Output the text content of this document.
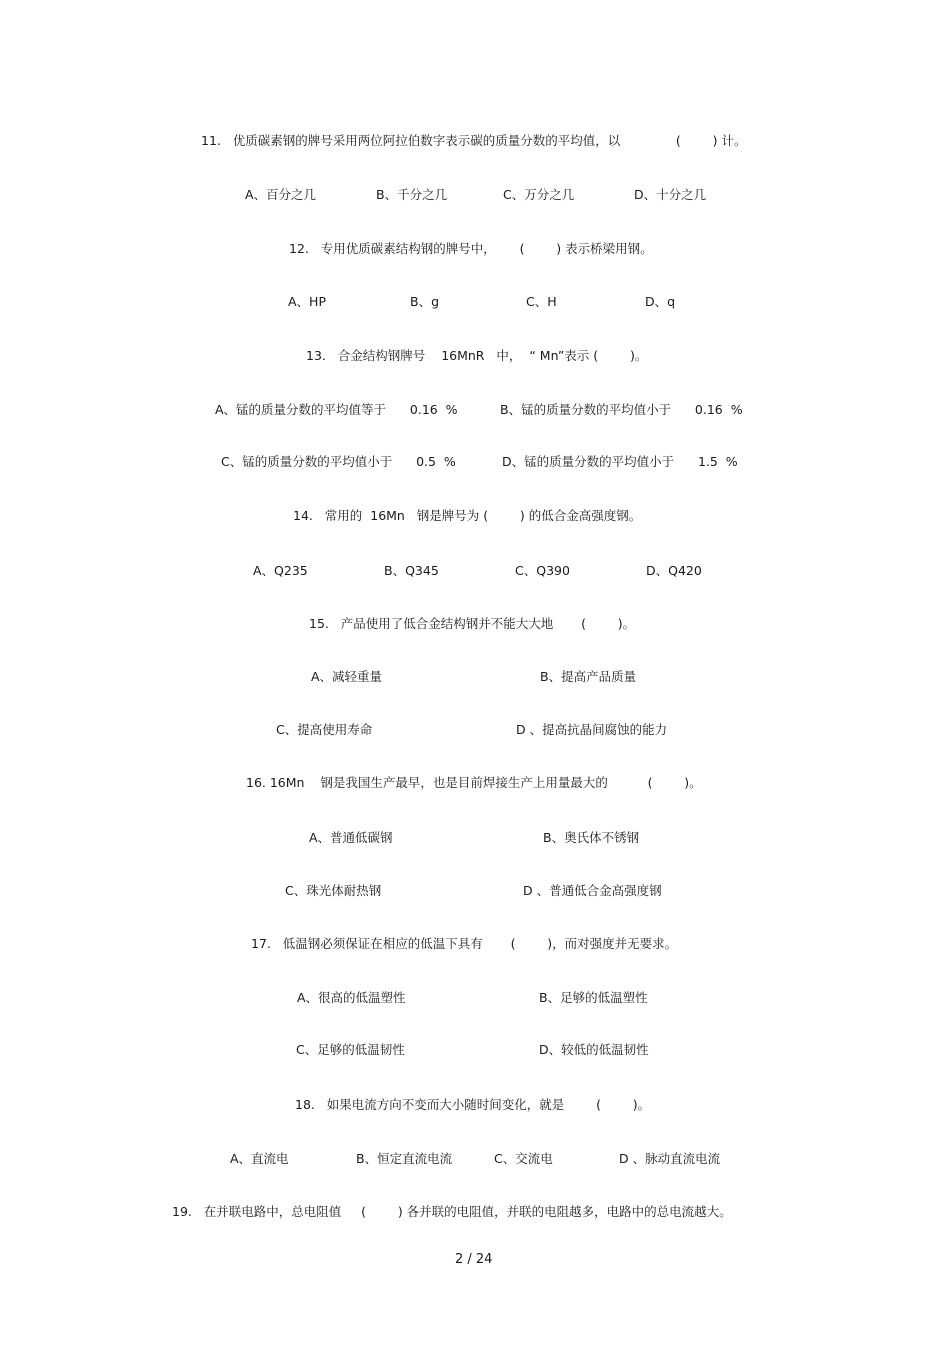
11.   优质碳素钢的牌号采用两位阿拉伯数字表示碳的质量分数的平均值，以              (        ) 计。
A、百分之几	B、千分之几	C、万分之几	D、十分之几
12.   专用优质碳素结构钢的牌号中，      (        ) 表示桥梁用钢。
A、HP	B、g	C、H	D、q
13.   合金结构钢牌号    16MnR   中，  “ Mn”表示 (        )。
A、锰的质量分数的平均值等于      0.16  %	B、锰的质量分数的平均值小于      0.16  %
C、锰的质量分数的平均值小于      0.5  %	D、锰的质量分数的平均值小于      1.5  %
14.   常用的  16Mn   钢是牌号为 (        ) 的低合金高强度钢。
A、Q235	B、Q345	C、Q390	D、Q420
15.   产品使用了低合金结构钢并不能大大地       (        )。
A、减轻重量	B、提高产品质量
C、提高使用寿命	D 、提高抗晶间腐蚀的能力
16. 16Mn    钢是我国生产最早，也是目前焊接生产上用量最大的          (        )。
A、普通低碳钢	B、奥氏体不锈钢
C、珠光体耐热钢	D 、普通低合金高强度钢
17.   低温钢必须保证在相应的低温下具有       (        )，而对强度并无要求。
A、很高的低温塑性	B、足够的低温塑性
C、足够的低温韧性	D、较低的低温韧性
18.   如果电流方向不变而大小随时间变化，就是        (        )。
A、直流电	B、恒定直流电流	C、交流电	D 、脉动直流电流
19.   在并联电路中，总电阻值     (        ) 各并联的电阻值，并联的电阻越多，电路中的总电流越大。
2 / 24
